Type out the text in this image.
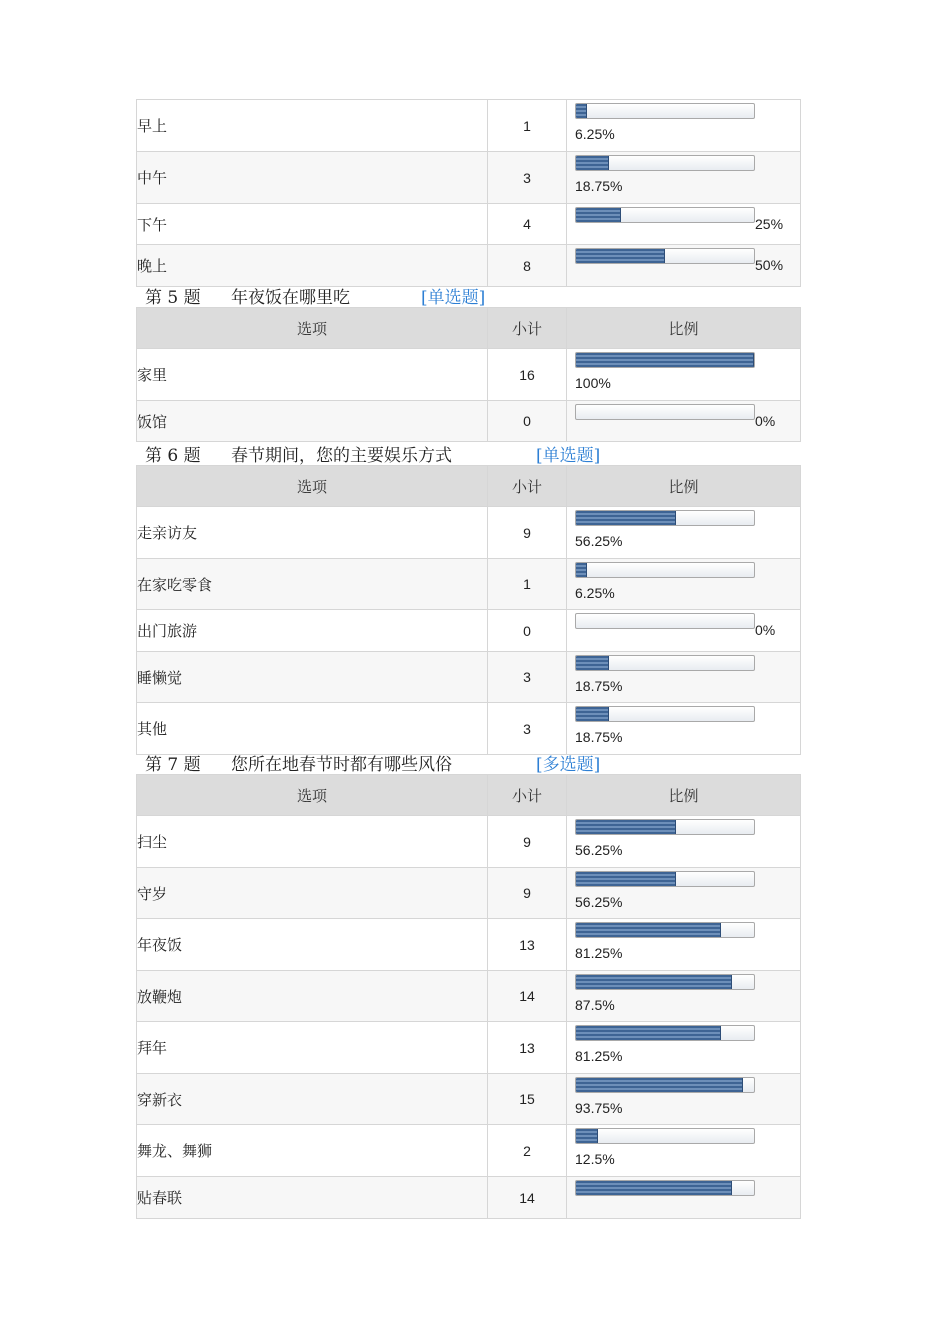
早上	1	6.25%

中午	3	18.75%

下午	4	25%

晚上	8	50%
第 5 题 年夜饭在哪里吃	[单选题]
选项	小计	比例
家里	16	100%

饭馆	0	0%
第 6 题 春节期间，您的主要娱乐方式	[单选题]
选项	小计	比例
走亲访友	9	56.25%

在家吃零食	1	6.25%

出门旅游	0	0%

睡懒觉	3	18.75%

其他	3	18.75%
第 7 题 您所在地春节时都有哪些风俗	[多选题]
选项	小计	比例
扫尘	9	56.25%

守岁	9	56.25%

年夜饭	13	81.25%

放鞭炮	14	87.5%

拜年	13	81.25%

穿新衣	15	93.75%

舞龙、舞狮	2	12.5%

贴春联	14	
